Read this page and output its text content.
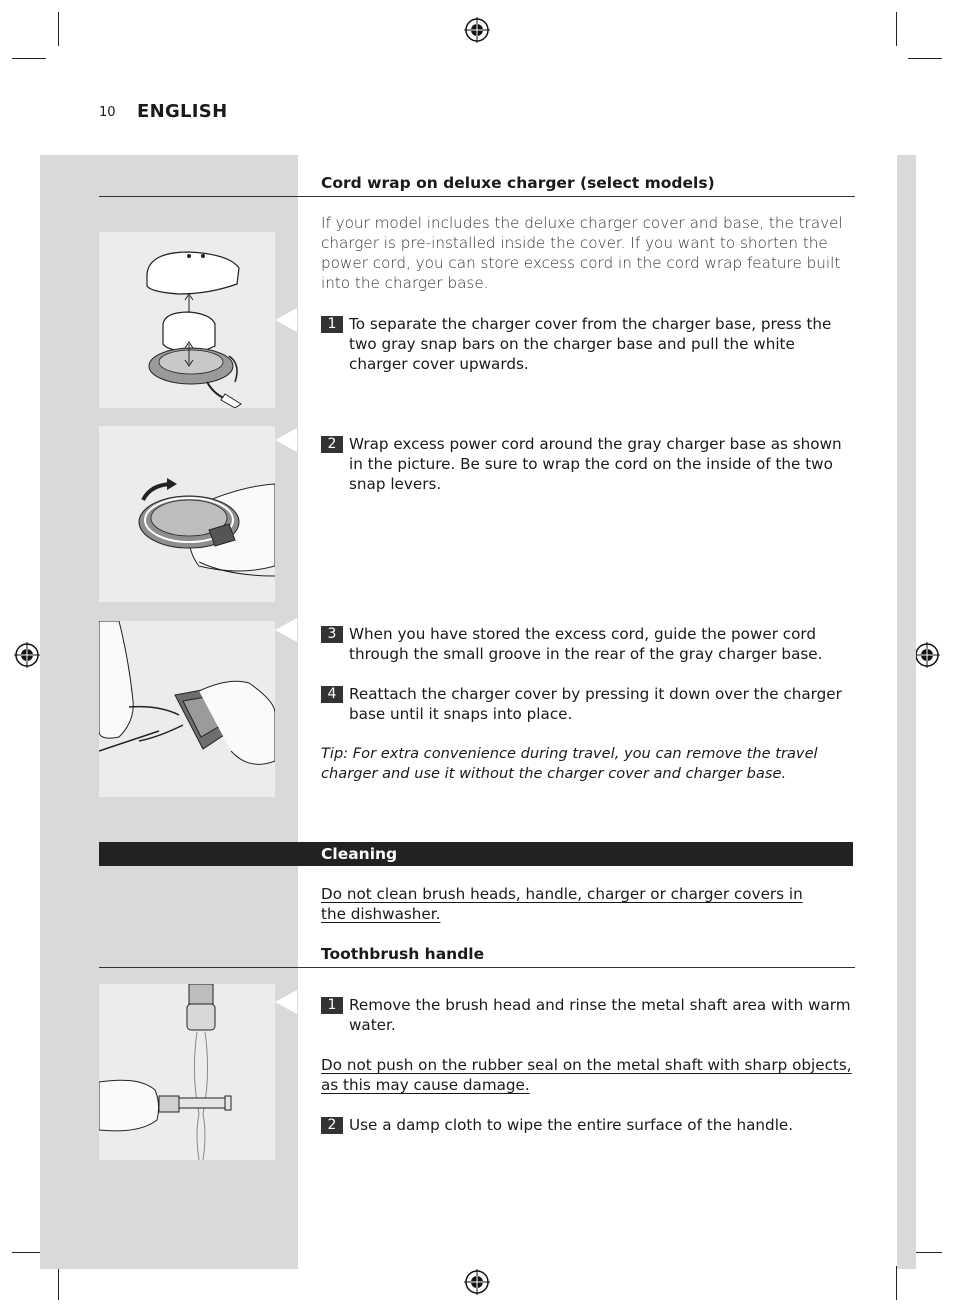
10 ENGLISH
Cord wrap on deluxe charger (select models)
If your model includes the deluxe charger cover and base, the travel charger is pre-installed inside the cover. If you want to shorten the power cord, you can store excess cord in the cord wrap feature built into the charger base.
1 To separate the charger cover from the charger base, press the two gray snap bars on the charger base and pull the white charger cover upwards.
2 Wrap excess power cord around the gray charger base as shown in the picture. Be sure to wrap the cord on the inside of the two snap levers.
3 When you have stored the excess cord, guide the power cord through the small groove in the rear of the gray charger base.
4 Reattach the charger cover by pressing it down over the charger base until it snaps into place.
Tip: For extra convenience during travel, you can remove the travel charger and use it without the charger cover and charger base.
Cleaning
Do not clean brush heads, handle, charger or charger covers in the dishwasher.
Toothbrush handle
1 Remove the brush head and rinse the metal shaft area with warm water.
Do not push on the rubber seal on the metal shaft with sharp objects, as this may cause damage.
2 Use a damp cloth to wipe the entire surface of the handle.
